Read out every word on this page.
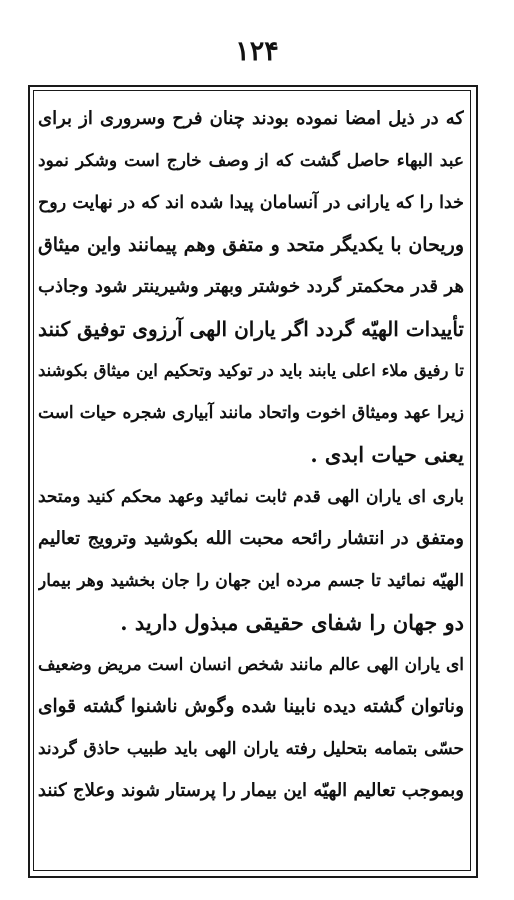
۱۲۴
که در ذیل امضا نموده بودند چنان فرح وسروری از برای
عبد البهاء حاصل گشت که از وصف خارج است وشکر نمود
خدا را که یارانی در آنسامان پیدا شده اند که در نهایت روح
وریحان با یکدیگر متحد و متفق وهم پیمانند واین میثاق
هر قدر محکمتر گردد خوشتر وبهتر وشیرینتر شود وجاذب
تأییدات الهیّه گردد اگر یاران الهی آرزوی توفیق کنند
تا رفیق ملاء اعلی یابند باید در توکید وتحکیم این میثاق بکوشند
زیرا عهد ومیثاق اخوت واتحاد مانند آبیاری شجره حیات است
یعنی حیات ابدی .
باری ای یاران الهی قدم ثابت نمائید وعهد محکم کنید ومتحد
ومتفق در انتشار رائحه محبت الله بکوشید وترویج تعالیم
الهیّه نمائید تا جسم مرده این جهان را جان بخشید وهر بیمار
دو جهان را شفای حقیقی مبذول دارید .
ای یاران الهی عالم مانند شخص انسان است مریض وضعیف
وناتوان گشته دیده نابینا شده وگوش ناشنوا گشته قوای
حسّی بتمامه بتحلیل رفته یاران الهی باید طبیب حاذق گردند
وبموجب تعالیم الهیّه این بیمار را پرستار شوند وعلاج کنند
